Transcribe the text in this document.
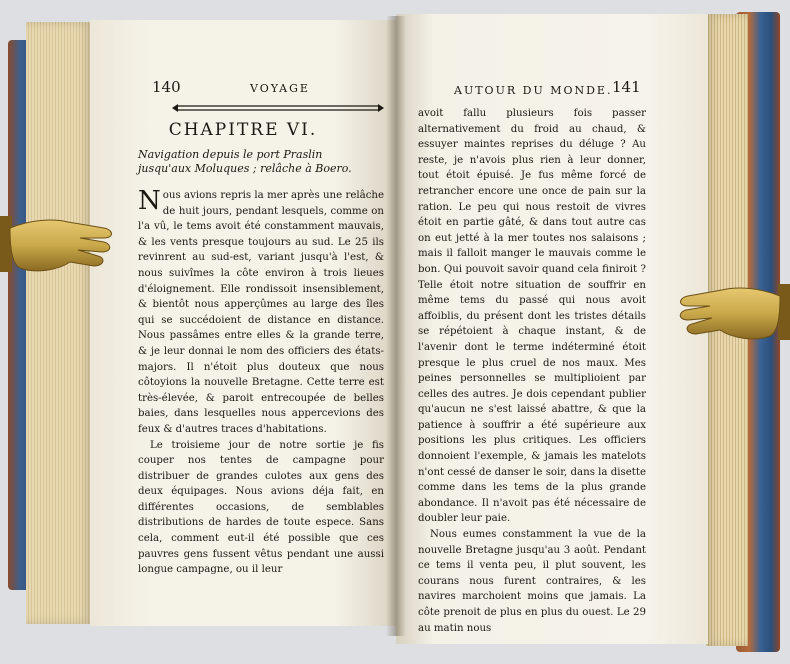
140	VOYAGE
CHAPITRE VI.
Navigation depuis le port Praslin jusqu'aux Moluques ; relâche à Boero.

Nous avions repris la mer après une relâche de huit jours, pendant lesquels, comme on l'a vû, le tems avoit été constamment mauvais, & les vents presque toujours au sud. Le 25 ils revinrent au sud-est, variant jusqu'à l'est, & nous suivîmes la côte environ à trois lieues d'éloignement. Elle rondissoit insensiblement, & bientôt nous apperçûmes au large des îles qui se succédoient de distance en distance. Nous passâmes entre elles & la grande terre, & je leur donnai le nom des officiers des états-majors. Il n'étoit plus douteux que nous côtoyions la nouvelle Bretagne. Cette terre est très-élevée, & paroit entrecoupée de belles baies, dans lesquelles nous appercevions des feux & d'autres traces d'habitations.

Le troisieme jour de notre sortie je fis couper nos tentes de campagne pour distribuer de grandes culotes aux gens des deux équipages. Nous avions déja fait, en différentes occasions, de semblables distributions de hardes de toute espece. Sans cela, comment eut-il été possible que ces pauvres gens fussent vêtus pendant une aussi longue campagne, ou il leur

AUTOUR DU MONDE. 141

avoit fallu plusieurs fois passer alternativement du froid au chaud, & essuyer maintes reprises du déluge ? Au reste, je n'avois plus rien à leur donner, tout étoit épuisé. Je fus même forcé de retrancher encore une once de pain sur la ration. Le peu qui nous restoit de vivres étoit en partie gâté, & dans tout autre cas on eut jetté à la mer toutes nos salaisons ; mais il falloit manger le mauvais comme le bon. Qui pouvoit savoir quand cela finiroit ? Telle étoit notre situation de souffrir en même tems du passé qui nous avoit affoiblis, du présent dont les tristes détails se répétoient à chaque instant, & de l'avenir dont le terme indéterminé étoit presque le plus cruel de nos maux. Mes peines personnelles se multiplioient par celles des autres. Je dois cependant publier qu'aucun ne s'est laissé abattre, & que la patience à souffrir a été supérieure aux positions les plus critiques. Les officiers donnoient l'exemple, & jamais les matelots n'ont cessé de danser le soir, dans la disette comme dans les tems de la plus grande abondance. Il n'avoit pas été nécessaire de doubler leur paie.

Nous eumes constamment la vue de la nouvelle Bretagne jusqu'au 3 août. Pendant ce tems il venta peu, il plut souvent, les courans nous furent contraires, & les navires marchoient moins que jamais. La côte prenoit de plus en plus du ouest. Le 29 au matin nous
